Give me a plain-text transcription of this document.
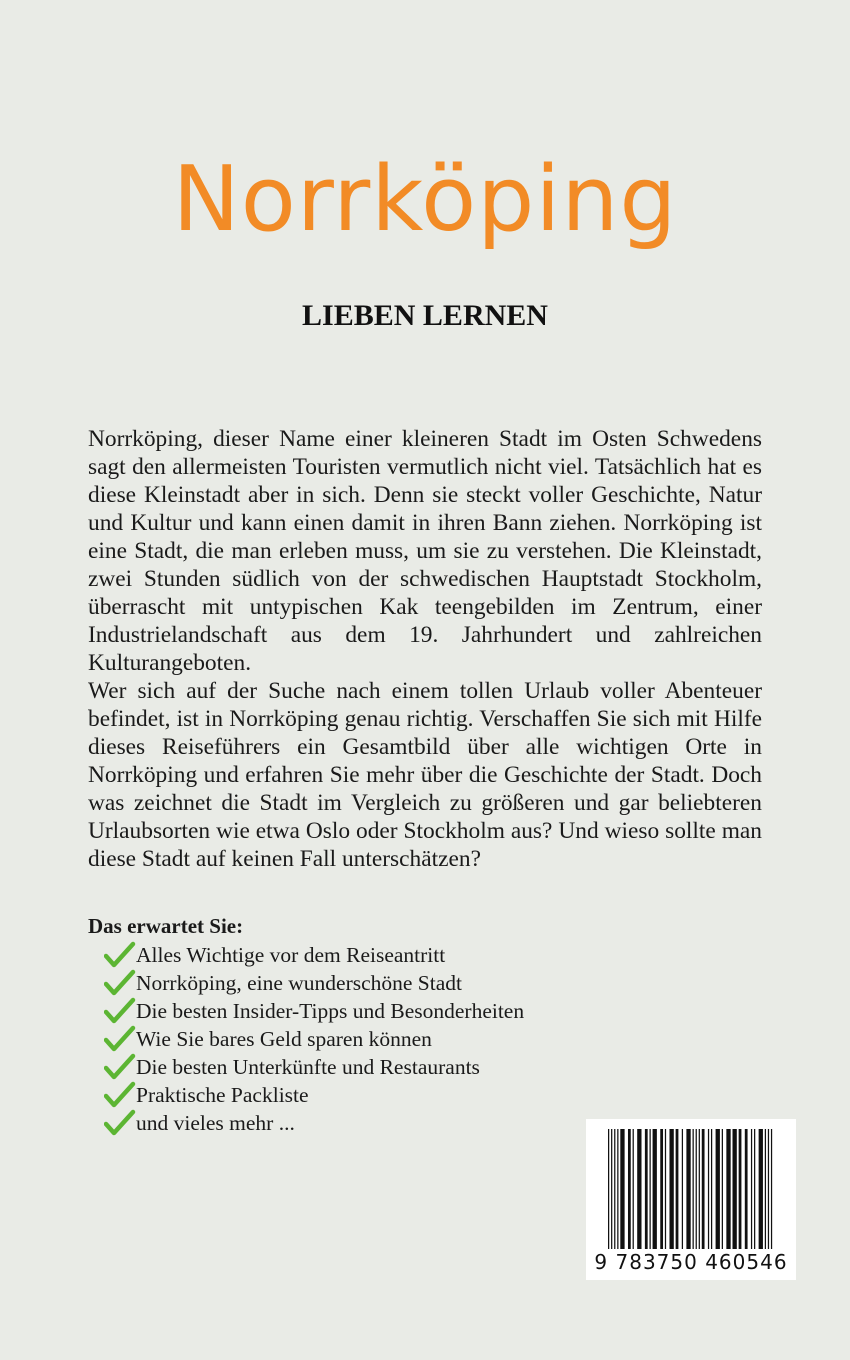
Norrköping
LIEBEN LERNEN

Norrköping, dieser Name einer kleineren Stadt im Osten Schwedens sagt den allermeisten Touristen vermutlich nicht viel. Tatsächlich hat es diese Kleinstadt aber in sich. Denn sie steckt voller Geschichte, Natur und Kultur und kann einen damit in ihren Bann ziehen. Norrköping ist eine Stadt, die man erleben muss, um sie zu verstehen. Die Kleinstadt, zwei Stunden südlich von der schwedischen Hauptstadt Stockholm, überrascht mit untypischen Kak teengebilden im Zentrum, einer Industrielandschaft aus dem 19. Jahrhundert und zahlreichen Kulturangeboten.

Wer sich auf der Suche nach einem tollen Urlaub voller Abenteuer befindet, ist in Norrköping genau richtig. Verschaffen Sie sich mit Hilfe dieses Reiseführers ein Gesamtbild über alle wichtigen Orte in Norrköping und erfahren Sie mehr über die Geschichte der Stadt. Doch was zeichnet die Stadt im Vergleich zu größeren und gar beliebteren Urlaubsorten wie etwa Oslo oder Stockholm aus? Und wieso sollte man diese Stadt auf keinen Fall unterschätzen?

Das erwartet Sie:
Alles Wichtige vor dem Reiseantritt
Norrköping, eine wunderschöne Stadt
Die besten Insider-Tipps und Besonderheiten
Wie Sie bares Geld sparen können
Die besten Unterkünfte und Restaurants
Praktische Packliste
und vieles mehr ...
9 783750 460546
